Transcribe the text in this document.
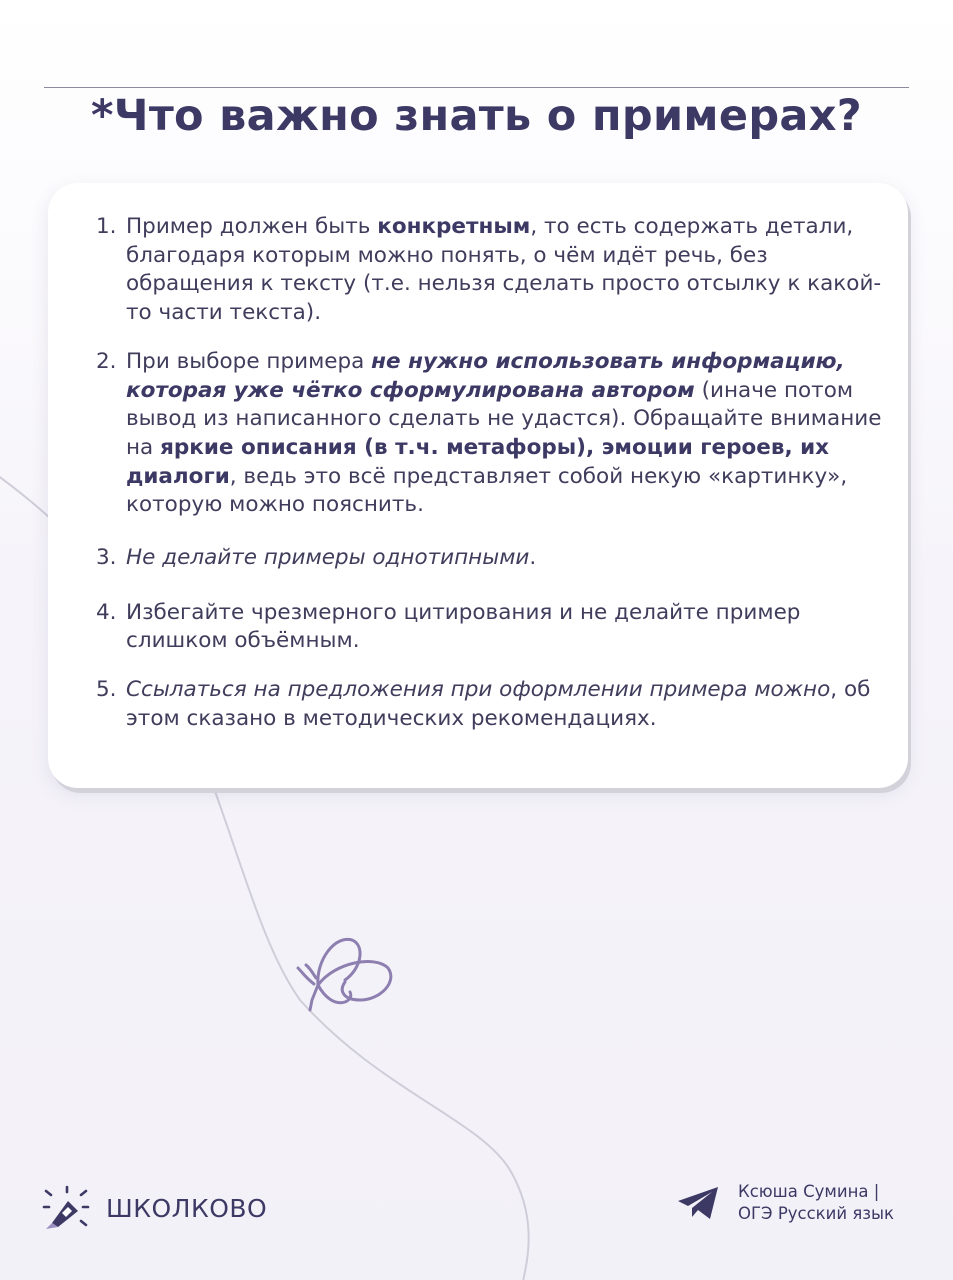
*Что важно знать о примерах?
1. Пример должен быть конкретным, то есть содержать детали, благодаря которым можно понять, о чём идёт речь, без обращения к тексту (т.е. нельзя сделать просто отсылку к какой-то части текста).
2. При выборе примера не нужно использовать информацию, которая уже чётко сформулирована автором (иначе потом вывод из написанного сделать не удастся). Обращайте внимание на яркие описания (в т.ч. метафоры), эмоции героев, их диалоги, ведь это всё представляет собой некую «картинку», которую можно пояснить.
3. Не делайте примеры однотипными.
4. Избегайте чрезмерного цитирования и не делайте пример слишком объёмным.
5. Ссылаться на предложения при оформлении примера можно, об этом сказано в методических рекомендациях.
ШКОЛКОВО
Ксюша Сумина |
ОГЭ Русский язык
